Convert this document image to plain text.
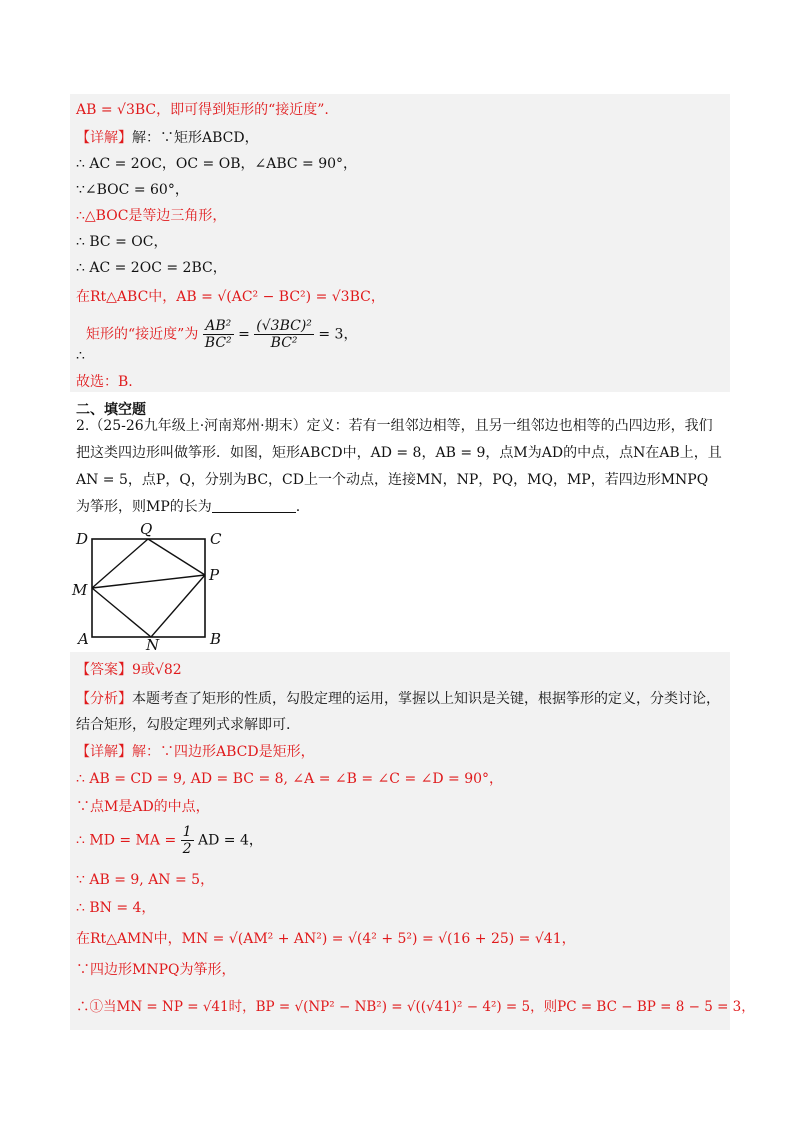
AB = √3BC，即可得到矩形的“接近度”.
【详解】解：∵矩形ABCD，
∴ AC = 2OC，OC = OB，∠ABC = 90°，
∵∠BOC = 60°，
∴△BOC是等边三角形，
∴ BC = OC，
∴ AC = 2OC = 2BC，
在Rt△ABC中，AB = √(AC² − BC²) = √3BC，
矩形的“接近度”为 $\frac{\text{AB²}}{\text{BC²}} = \frac{\text{(√3BC)²}}{\text{BC²}} = 3$，
∴
故选：B.
二、填空题
2.（25-26九年级上·河南郑州·期末）定义：若有一组邻边相等，且另一组邻边也相等的凸四边形，我们
把这类四边形叫做筝形．如图，矩形ABCD中，AD = 8，AB = 9，点M为AD的中点，点N在AB上，且
AN = 5，点P，Q，分别为BC，CD上一个动点，连接MN，NP，PQ，MQ，MP，若四边形MNPQ
为筝形，则MP的长为	.
D
Q
C
M
P
A	N	B
【答案】9或√82
【分析】本题考查了矩形的性质，勾股定理的运用，掌握以上知识是关键，根据筝形的定义，分类讨论，
结合矩形，勾股定理列式求解即可.
【详解】解：∵四边形ABCD是矩形，
∴ AB = CD = 9, AD = BC = 8, ∠A = ∠B = ∠C = ∠D = 90°，
∵点M是AD的中点，
∴ MD = MA = $\frac{1}{2}$ AD = 4，
∵ AB = 9, AN = 5，
∴ BN = 4，
在Rt△AMN中，MN = √(AM² + AN²) = √(4² + 5²) = √(16 + 25) = √41，
∵四边形MNPQ为筝形，
∴①当MN = NP = √41时，BP = √(NP² − NB²) = √((√41)² − 4²) = 5，则PC = BC − BP = 8 − 5 = 3，
